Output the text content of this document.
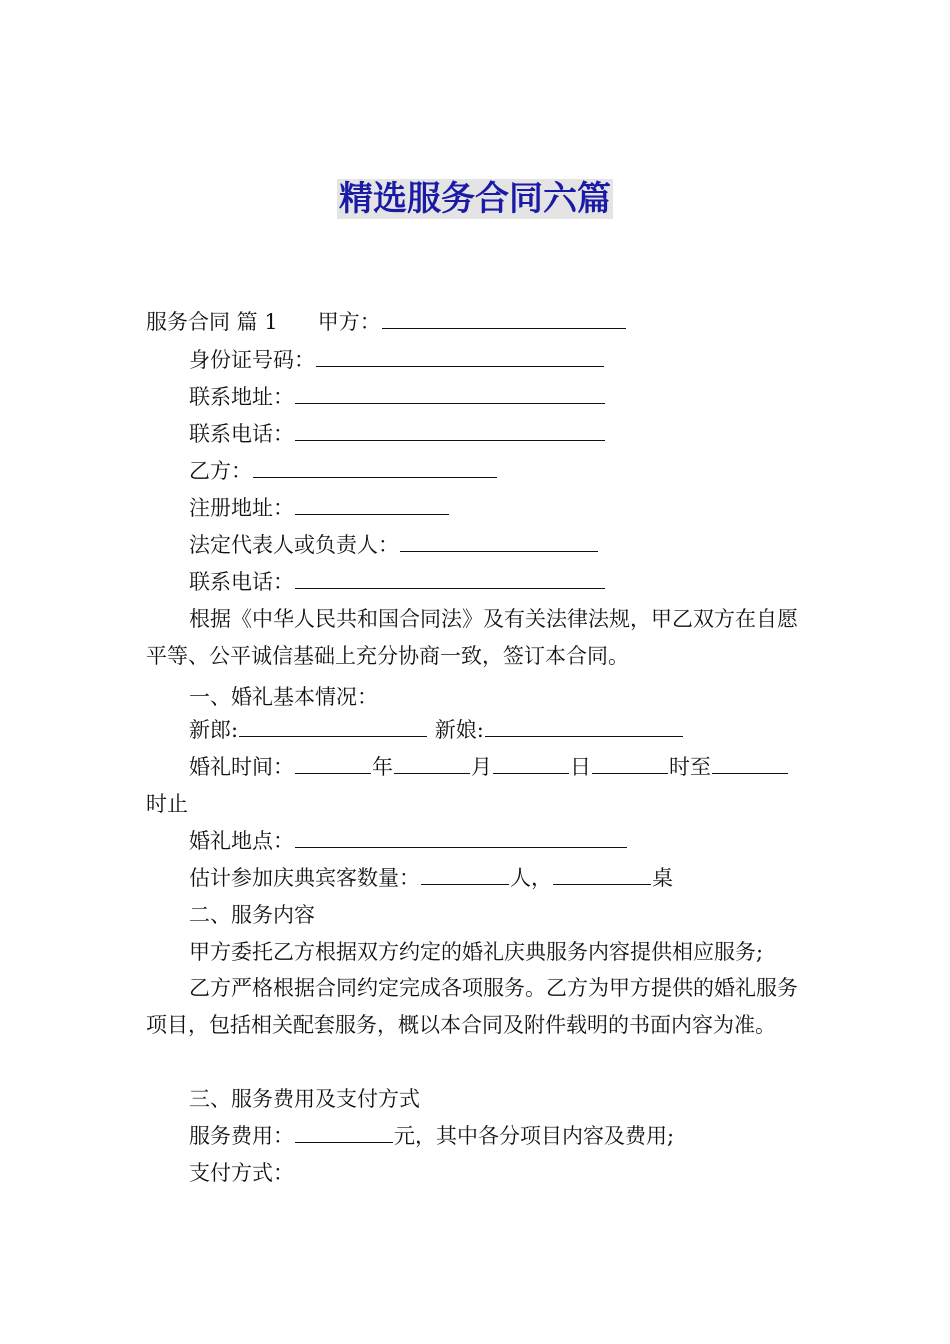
精选服务合同六篇
服务合同 篇 1 甲方：
身份证号码：
联系地址：
联系电话：
乙方：
注册地址：
法定代表人或负责人：
联系电话：
根据《中华人民共和国合同法》及有关法律法规，甲乙双方在自愿平等、公平诚信基础上充分协商一致，签订本合同。
一、婚礼基本情况：
新郎:	新娘:
婚礼时间：	年	月	日	时至
时止
婚礼地点：
估计参加庆典宾客数量：	人，	桌
二、服务内容
甲方委托乙方根据双方约定的婚礼庆典服务内容提供相应服务;
乙方严格根据合同约定完成各项服务。乙方为甲方提供的婚礼服务项目，包括相关配套服务，概以本合同及附件载明的书面内容为准。
三、服务费用及支付方式
服务费用：	元，其中各分项目内容及费用;
支付方式：
